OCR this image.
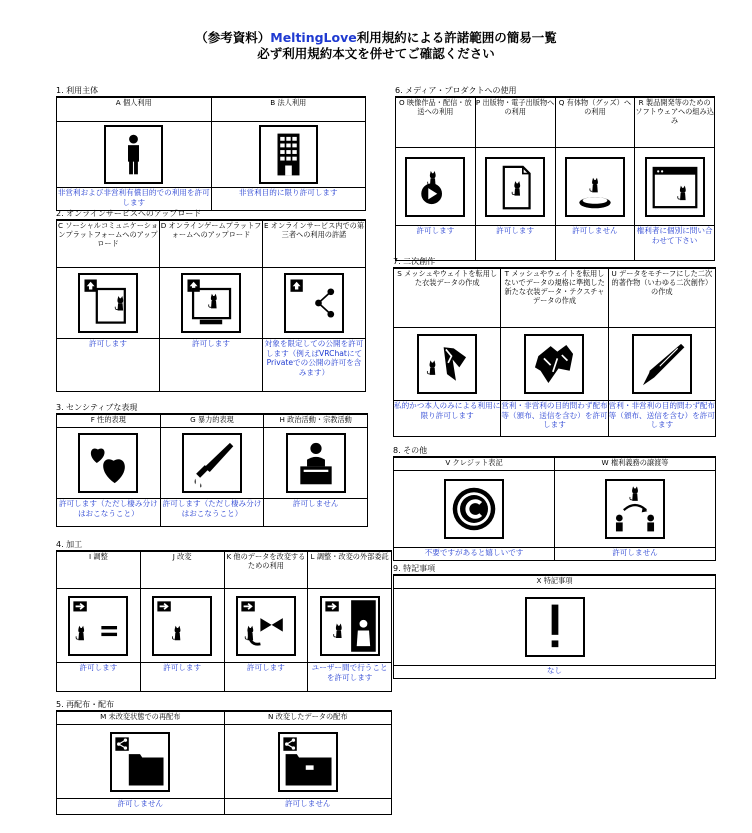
（参考資料）MeltingLove利用規約による許諾範囲の簡易一覧
必ず利用規約本文を併せてご確認ください
1. 利用主体
A 個人利用	B 法人利用

非営利および非営利有償目的での利用を許可します	非営利目的に限り許可します
2. オンラインサービスへのアップロード
C ソーシャルコミュニケーションプラットフォームへのアップロード	D オンラインゲームプラットフォームへのアップロード	E オンラインサービス内での第三者への利用の許諾

許可します	許可します	対象を限定しての公開を許可します（例えばVRChatにてPrivateでの公開の許可を含みます）
3. センシティブな表現
F 性的表現	G 暴力的表現	H 政治活動・宗教活動

許可します（ただし棲み分けはおこなうこと）	許可します（ただし棲み分けはおこなうこと）	許可しません
4. 加工
I 調整	J 改変	K 他のデータを改変するための利用	L 調整・改変の外部委託

許可します	許可します	許可します	ユーザー間で行うことを許可します
5. 再配布・配布
M 未改変状態での再配布	N 改変したデータの配布

許可しません	許可しません
6. メディア・プロダクトへの使用
O 映像作品・配信・放送への利用	P 出版物・電子出版物への利用	Q 有体物（グッズ）への利用	R 製品開発等のためのソフトウェアへの組み込み

許可します	許可します	許可しません	権利者に個別に問い合わせて下さい
7. 二次創作
S メッシュやウェイトを転用した衣装データの作成	T メッシュやウェイトを転用しないでデータの規格に準拠した新たな衣装データ・テクスチャデータの作成	U データをモチーフにした二次的著作物（いわゆる二次創作）の作成

私的かつ本人のみによる利用に限り許可します	営利・非営利の目的問わず配布等（頒布、送信を含む）を許可します	営利・非営利の目的問わず配布等（頒布、送信を含む）を許可します
8. その他
V クレジット表記	W 権利義務の譲渡等

不要ですがあると嬉しいです	許可しません
9. 特記事項
X 特記事項

なし
